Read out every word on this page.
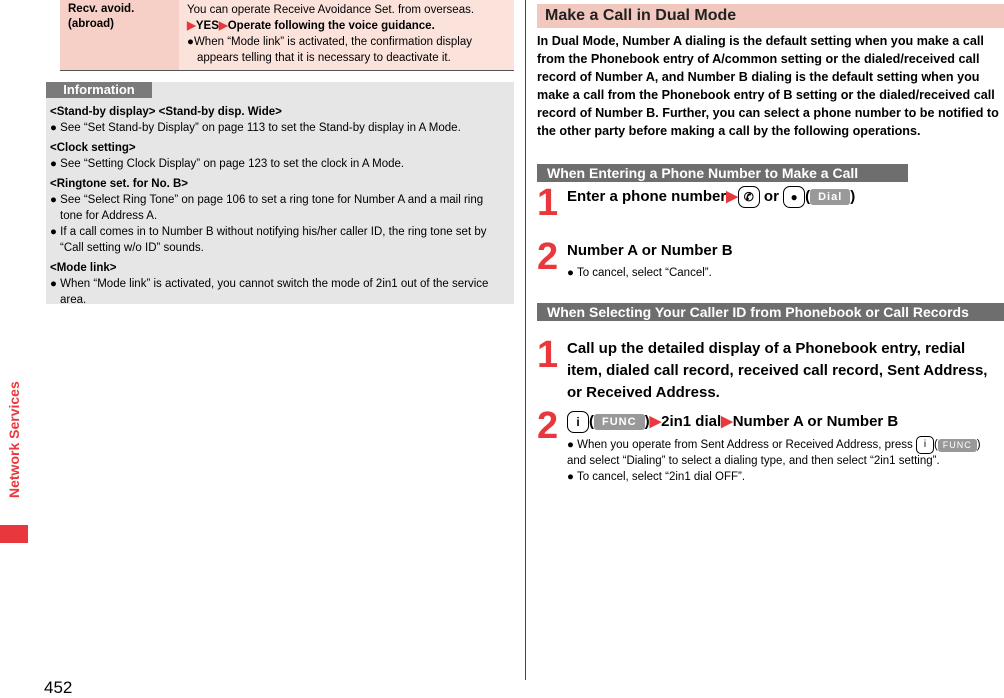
Network Services
452
Recv. avoid. (abroad)
You can operate Receive Avoidance Set. from overseas.
▶YES▶Operate following the voice guidance.
●When “Mode link” is activated, the confirmation display appears telling that it is necessary to deactivate it.
Information
<Stand-by display> <Stand-by disp. Wide>
● See “Set Stand-by Display” on page 113 to set the Stand-by display in A Mode.
<Clock setting>
● See “Setting Clock Display” on page 123 to set the clock in A Mode.
<Ringtone set. for No. B>
● See “Select Ring Tone” on page 106 to set a ring tone for Number A and a mail ring tone for Address A.
● If a call comes in to Number B without notifying his/her caller ID, the ring tone set by “Call setting w/o ID” sounds.
<Mode link>
● When “Mode link” is activated, you cannot switch the mode of 2in1 out of the service area.
Make a Call in Dual Mode
In Dual Mode, Number A dialing is the default setting when you make a call from the Phonebook entry of A/common setting or the dialed/received call record of Number A, and Number B dialing is the default setting when you make a call from the Phonebook entry of B setting or the dialed/received call record of Number B. Further, you can select a phone number to be notified to the other party before making a call by the following operations.
When Entering a Phone Number to Make a Call
1 Enter a phone number▶ ✆ or ● ( Dial )
2 Number A or Number B
● To cancel, select “Cancel”.
When Selecting Your Caller ID from Phonebook or Call Records
1 Call up the detailed display of a Phonebook entry, redial item, dialed call record, received call record, Sent Address, or Received Address.
2	i ( FUNC )▶2in1 dial▶Number A or Number B
● When you operate from Sent Address or Received Address, press i ( FUNC ) and select “Dialing” to select a dialing type, and then select “2in1 setting”.
● To cancel, select “2in1 dial OFF”.
